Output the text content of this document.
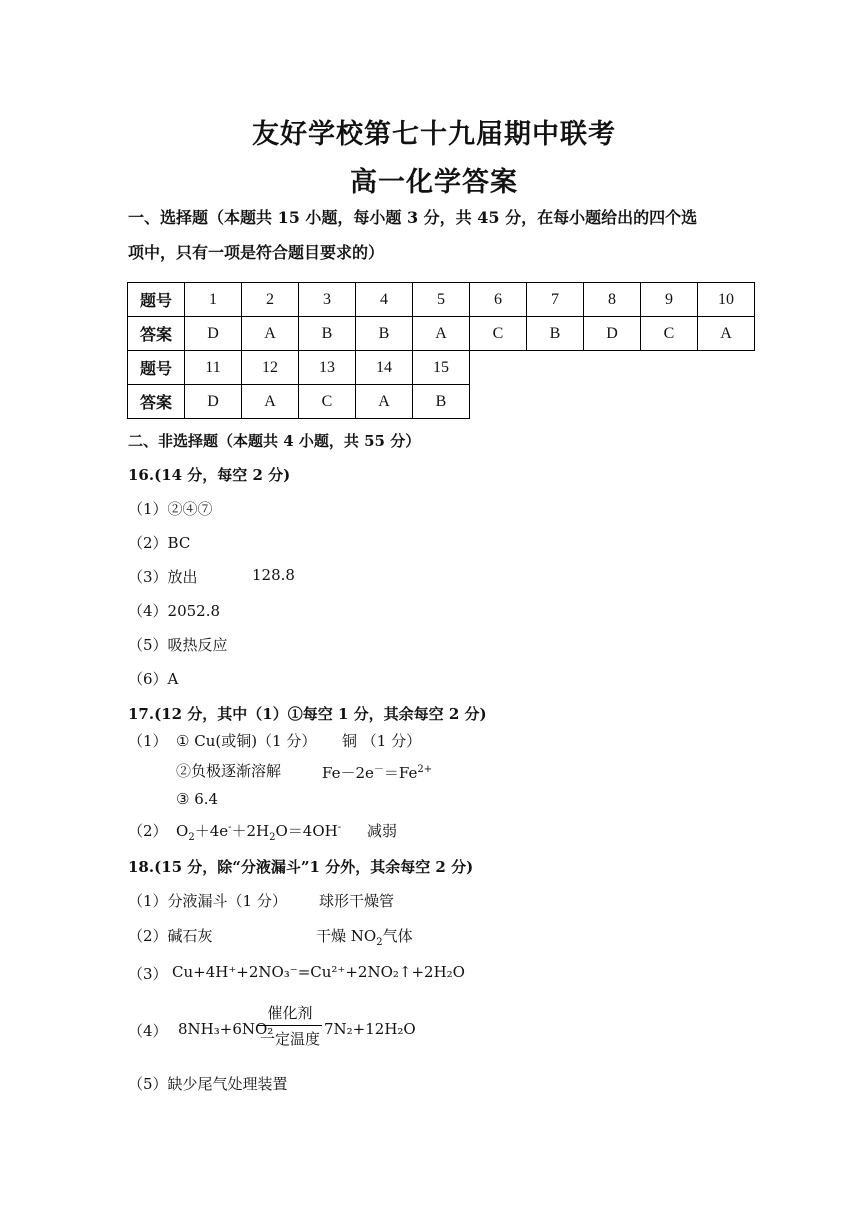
友好学校第七十九届期中联考
高一化学答案
一、选择题（本题共 15 小题，每小题 3 分，共 45 分，在每小题给出的四个选
项中，只有一项是符合题目要求的）
题号	1	2	3	4	5	6	7	8	9	10
答案	D	A	B	B	A	C	B	D	C	A
题号	11	12	13	14	15					
答案	D	A	C	A	B					
二、非选择题（本题共 4 小题，共 55 分）
16.(14 分，每空 2 分)
（1）②④⑦
（2）BC
（3）放出	128.8
（4）2052.8
（5）吸热反应
（6）A
17.(12 分，其中（1）①每空 1 分，其余每空 2 分)
（1） ① Cu(或铜)（1 分） 铜 （1 分）
②负极逐渐溶解	$Fe-2e^-=Fe^{2+}$
③ 6.4
（2） $O_2+4e^-+2H_2O=4OH^-$ 减弱
18.(15 分，除“分液漏斗”1 分外，其余每空 2 分)
（1）分液漏斗（1 分） 球形干燥管
（2）碱石灰	干燥 $NO_2$气体
（3） Cu+4H⁺+2NO₃⁻=Cu²⁺+2NO₂↑+2H₂O
（4） 8NH₃+6NO₂
催化剂
一定温度
7N₂+12H₂O
（5）缺少尾气处理装置
